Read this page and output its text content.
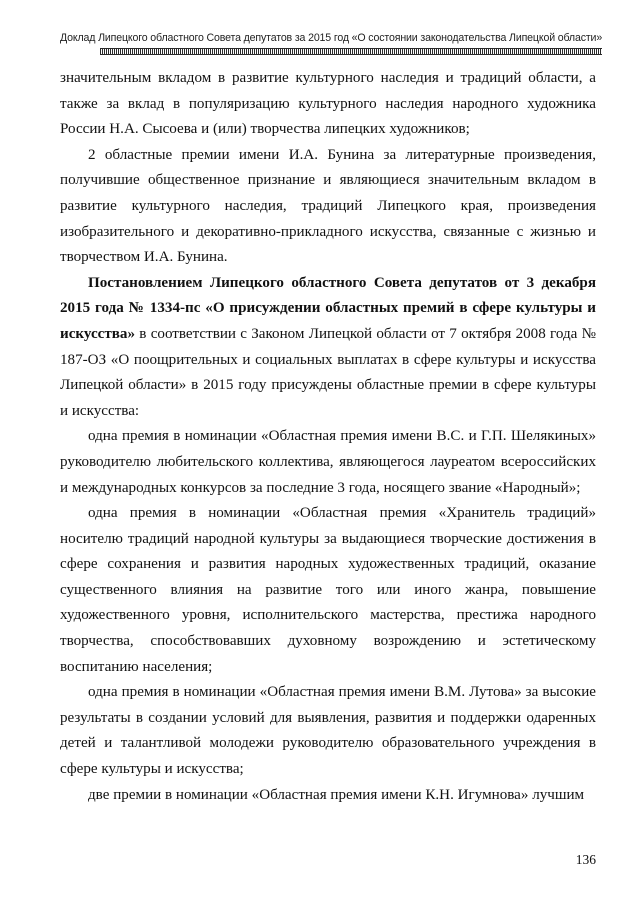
Доклад Липецкого областного Совета депутатов за 2015 год «О состоянии законодательства Липецкой области»

значительным вкладом в развитие культурного наследия и традиций области, а также за вклад в популяризацию культурного наследия народного художника России Н.А. Сысоева и (или) творчества липецких художников;

2 областные премии имени И.А. Бунина за литературные произведения, получившие общественное признание и являющиеся значительным вкладом в развитие культурного наследия, традиций Липецкого края, произведения изобразительного и декоративно-прикладного искусства, связанные с жизнью и творчеством И.А. Бунина.

Постановлением Липецкого областного Совета депутатов от 3 декабря 2015 года № 1334-пс «О присуждении областных премий в сфере культуры и искусства» в соответствии с Законом Липецкой области от 7 октября 2008 года № 187-ОЗ «О поощрительных и социальных выплатах в сфере культуры и искусства Липецкой области» в 2015 году присуждены областные премии в сфере культуры и искусства:

одна премия в номинации «Областная премия имени В.С. и Г.П. Шелякиных» руководителю любительского коллектива, являющегося лауреатом всероссийских и международных конкурсов за последние 3 года, носящего звание «Народный»;

одна премия в номинации «Областная премия «Хранитель традиций» носителю традиций народной культуры за выдающиеся творческие достижения в сфере сохранения и развития народных художественных традиций, оказание существенного влияния на развитие того или иного жанра, повышение художественного уровня, исполнительского мастерства, престижа народного творчества, способствовавших духовному возрождению и эстетическому воспитанию населения;

одна премия в номинации «Областная премия имени В.М. Лутова» за высокие результаты в создании условий для выявления, развития и поддержки одаренных детей и талантливой молодежи руководителю образовательного учреждения в сфере культуры и искусства;

две премии в номинации «Областная премия имени К.Н. Игумнова» лучшим

136
